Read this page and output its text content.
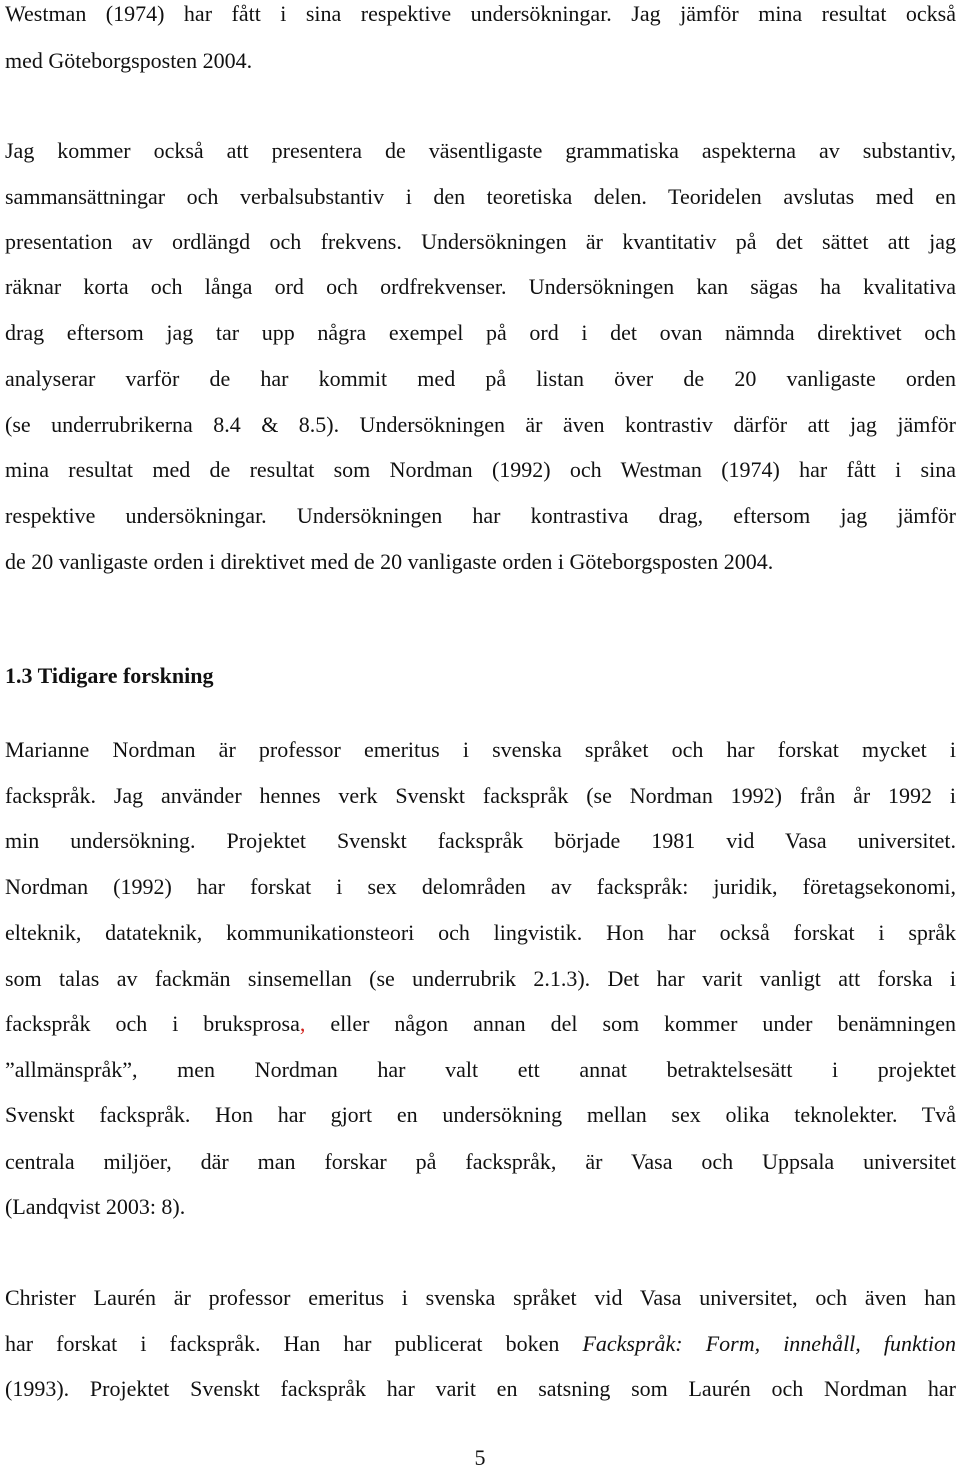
Westman (1974) har fått i sina respektive undersökningar. Jag jämför mina resultat också
med Göteborgsposten 2004.
Jag kommer också att presentera de väsentligaste grammatiska aspekterna av substantiv,
sammansättningar och verbalsubstantiv i den teoretiska delen. Teoridelen avslutas med en
presentation av ordlängd och frekvens. Undersökningen är kvantitativ på det sättet att jag
räknar korta och långa ord och ordfrekvenser. Undersökningen kan sägas ha kvalitativa
drag eftersom jag tar upp några exempel på ord i det ovan nämnda direktivet och
analyserar varför de har kommit med på listan över de 20 vanligaste orden
(se underrubrikerna 8.4 & 8.5). Undersökningen är även kontrastiv därför att jag jämför
mina resultat med de resultat som Nordman (1992) och Westman (1974) har fått i sina
respektive undersökningar. Undersökningen har kontrastiva drag, eftersom jag jämför
de 20 vanligaste orden i direktivet med de 20 vanligaste orden i Göteborgsposten 2004.
1.3 Tidigare forskning
Marianne Nordman är professor emeritus i svenska språket och har forskat mycket i
fackspråk. Jag använder hennes verk Svenskt fackspråk (se Nordman 1992) från år 1992 i
min undersökning. Projektet Svenskt fackspråk började 1981 vid Vasa universitet.
Nordman (1992) har forskat i sex delområden av fackspråk: juridik, företagsekonomi,
elteknik, datateknik, kommunikationsteori och lingvistik. Hon har också forskat i språk
som talas av fackmän sinsemellan (se underrubrik 2.1.3). Det har varit vanligt att forska i
fackspråk och i bruksprosa, eller någon annan del som kommer under benämningen
”allmänspråk”, men Nordman har valt ett annat betraktelsesätt i projektet
Svenskt fackspråk. Hon har gjort en undersökning mellan sex olika teknolekter. Två
centrala miljöer, där man forskar på fackspråk, är Vasa och Uppsala universitet
(Landqvist 2003: 8).
Christer Laurén är professor emeritus i svenska språket vid Vasa universitet, och även han
har forskat i fackspråk. Han har publicerat boken Fackspråk: Form, innehåll, funktion
(1993). Projektet Svenskt fackspråk har varit en satsning som Laurén och Nordman har
5
